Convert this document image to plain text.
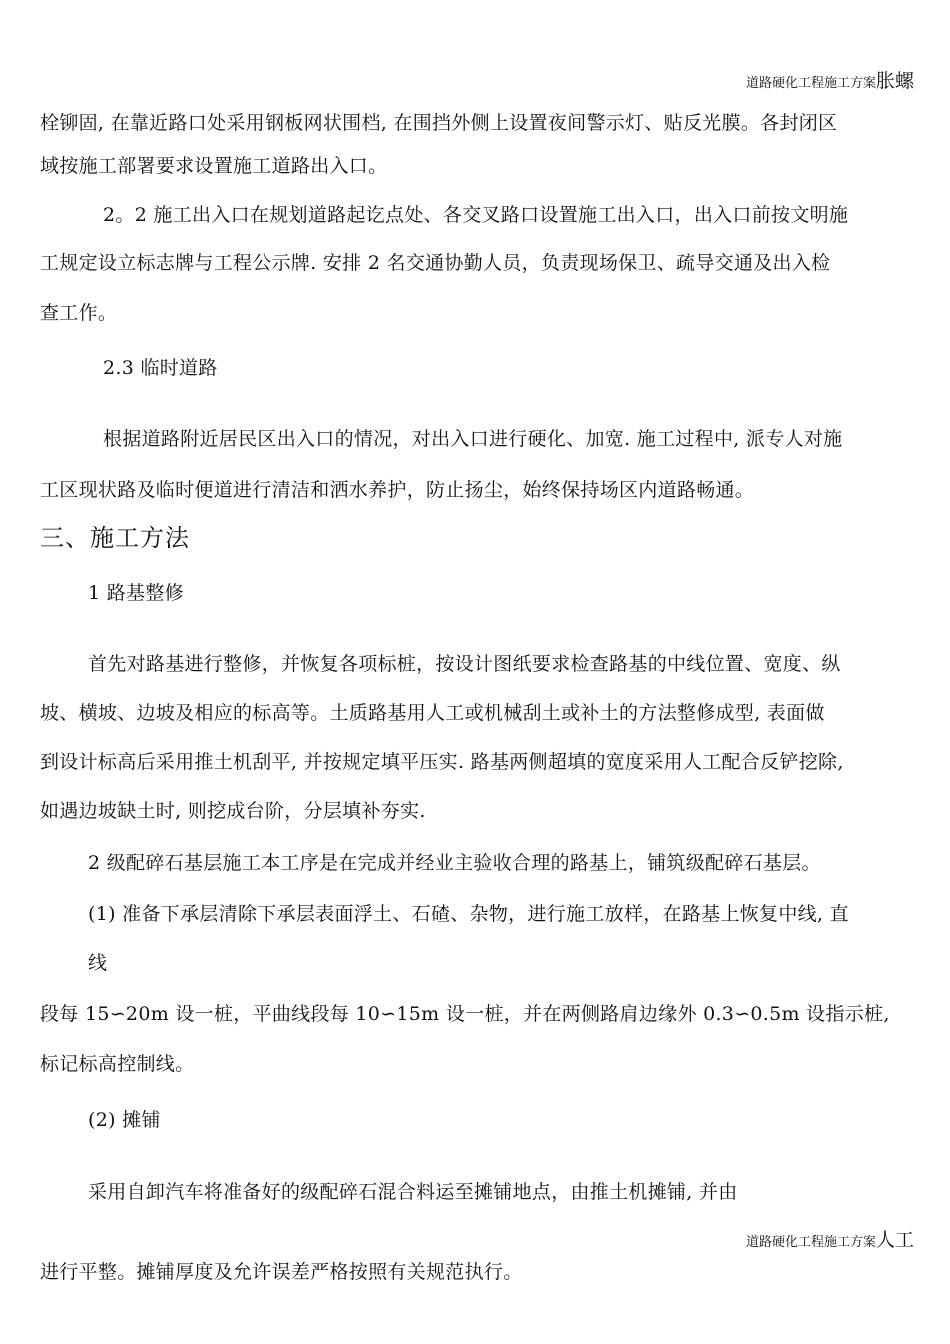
道路硬化工程施工方案胀螺
栓铆固, 在靠近路口处采用钢板网状围档, 在围挡外侧上设置夜间警示灯、贴反光膜。各封闭区
域按施工部署要求设置施工道路出入口。
2。2 施工出入口在规划道路起讫点处、各交叉路口设置施工出入口，出入口前按文明施
工规定设立标志牌与工程公示牌. 安排 2 名交通协勤人员，负责现场保卫、疏导交通及出入检
查工作。
2.3 临时道路
根据道路附近居民区出入口的情况，对出入口进行硬化、加宽. 施工过程中, 派专人对施
工区现状路及临时便道进行清洁和洒水养护，防止扬尘，始终保持场区内道路畅通。
三、施工方法
1 路基整修
首先对路基进行整修，并恢复各项标桩，按设计图纸要求检查路基的中线位置、宽度、纵
坡、横坡、边坡及相应的标高等。土质路基用人工或机械刮土或补土的方法整修成型, 表面做
到设计标高后采用推土机刮平, 并按规定填平压实. 路基两侧超填的宽度采用人工配合反铲挖除,
如遇边坡缺土时, 则挖成台阶，分层填补夯实.
2 级配碎石基层施工本工序是在完成并经业主验收合理的路基上，铺筑级配碎石基层。
(1) 准备下承层清除下承层表面浮土、石碴、杂物，进行施工放样，在路基上恢复中线, 直
线
段每 15∽20m 设一桩，平曲线段每 10∽15m 设一桩，并在两侧路肩边缘外 0.3∽0.5m 设指示桩,
标记标高控制线。
(2) 摊铺
采用自卸汽车将准备好的级配碎石混合料运至摊铺地点，由推土机摊铺, 并由
道路硬化工程施工方案人工
进行平整。摊铺厚度及允许误差严格按照有关规范执行。
